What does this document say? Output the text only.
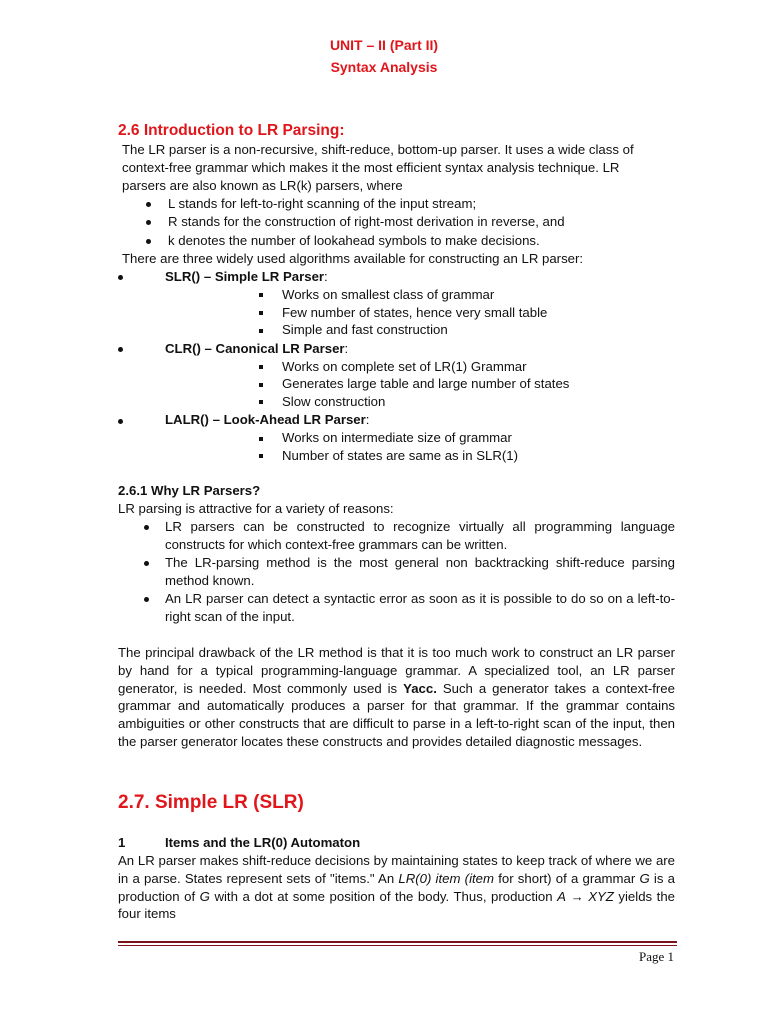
UNIT – II (Part II)
Syntax Analysis
2.6 Introduction to LR Parsing:
The LR parser is a non-recursive, shift-reduce, bottom-up parser. It uses a wide class of
context-free grammar which makes it the most efficient syntax analysis technique. LR
parsers are also known as LR(k) parsers, where
L stands for left-to-right scanning of the input stream;
R stands for the construction of right-most derivation in reverse, and
k denotes the number of lookahead symbols to make decisions.
There are three widely used algorithms available for constructing an LR parser:
SLR() – Simple LR Parser:
Works on smallest class of grammar
Few number of states, hence very small table
Simple and fast construction
CLR() – Canonical LR Parser:
Works on complete set of LR(1) Grammar
Generates large table and large number of states
Slow construction
LALR() – Look-Ahead LR Parser:
Works on intermediate size of grammar
Number of states are same as in SLR(1)
2.6.1 Why LR Parsers?
LR parsing is attractive for a variety of reasons:
LR parsers can be constructed to recognize virtually all programming language constructs for which context-free grammars can be written.
The LR-parsing method is the most general non backtracking shift-reduce parsing method known.
An LR parser can detect a syntactic error as soon as it is possible to do so on a left-to-right scan of the input.
The principal drawback of the LR method is that it is too much work to construct an LR parser by hand for a typical programming-language grammar. A specialized tool, an LR parser generator, is needed. Most commonly used is Yacc. Such a generator takes a context-free grammar and automatically produces a parser for that grammar. If the grammar contains ambiguities or other constructs that are difficult to parse in a left-to-right scan of the input, then the parser generator locates these constructs and provides detailed diagnostic messages.
2.7. Simple LR (SLR)
1	Items and the LR(0) Automaton
An LR parser makes shift-reduce decisions by maintaining states to keep track of where we are in a parse. States represent sets of "items." An LR(0) item (item for short) of a grammar G is a production of G with a dot at some position of the body. Thus, production A → XYZ yields the four items
Page 1
